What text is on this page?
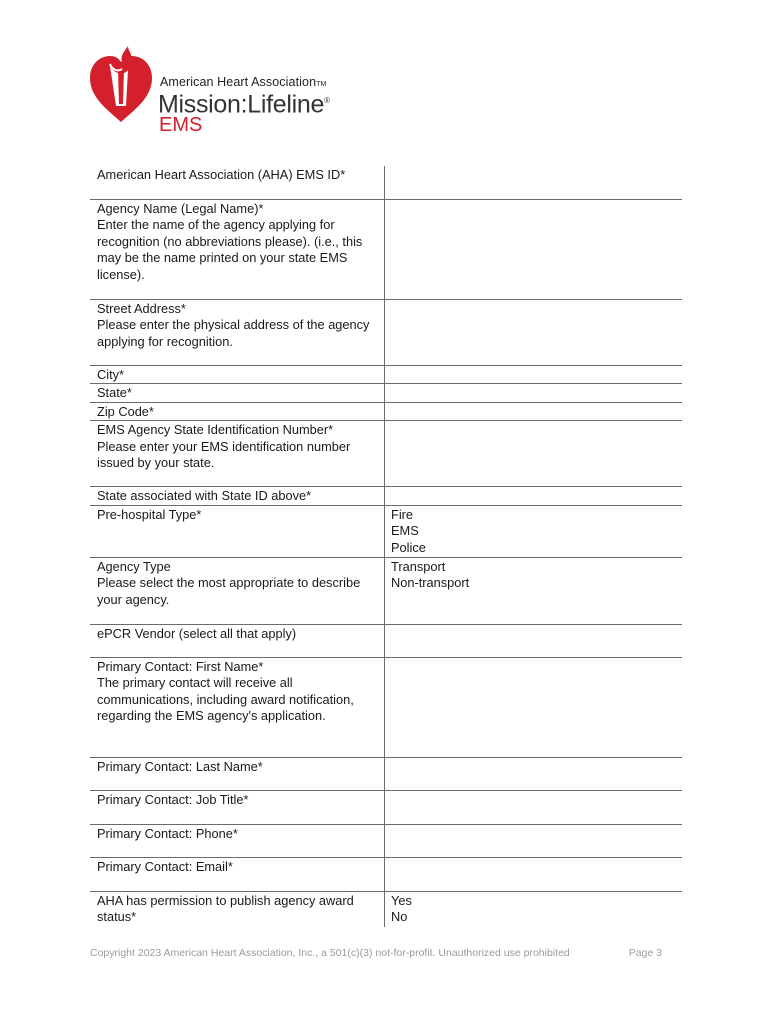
American Heart AssociationTM
Mission:Lifeline®
EMS
American Heart Association (AHA) EMS ID*	

Agency Name (Legal Name)*
Enter the name of the agency applying for recognition (no abbreviations please). (i.e., this may be the name printed on your state EMS license).	

Street Address*
Please enter the physical address of the agency applying for recognition.	

City*	
State*	
Zip Code*	

EMS Agency State Identification Number*
Please enter your EMS identification number issued by your state.	

State associated with State ID above*	
Pre-hospital Type*	Fire
EMS
Police

Agency Type
Please select the most appropriate to describe your agency.	Transport
Non-transport

ePCR Vendor (select all that apply)	

Primary Contact: First Name*
The primary contact will receive all communications, including award notification, regarding the EMS agency's application.	

Primary Contact: Last Name*	
Primary Contact: Job Title*	
Primary Contact: Phone*	
Primary Contact: Email*	
AHA has permission to publish agency award status*	Yes
No
Copyright 2023 American Heart Association, Inc., a 501(c)(3) not-for-profit. Unauthorized use prohibited	Page 3
